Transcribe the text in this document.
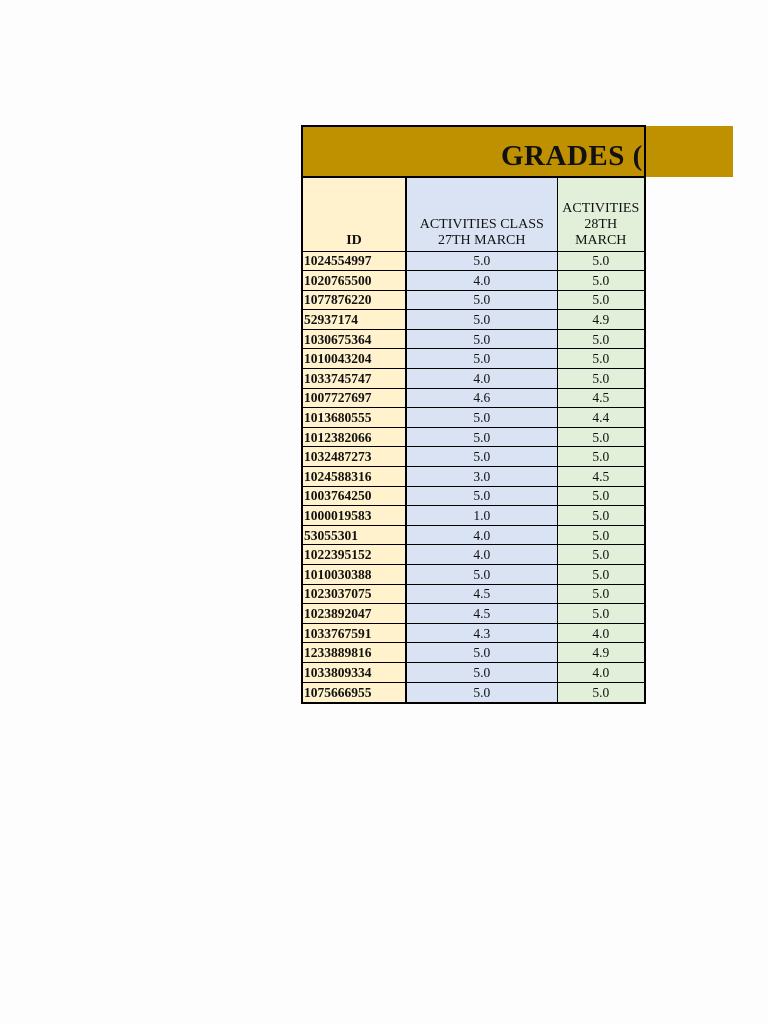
GRADES (
ID	ACTIVITIES CLASS 27TH MARCH	ACTIVITIES 28TH MARCH
1024554997	5.0	5.0
1020765500	4.0	5.0
1077876220	5.0	5.0
52937174	5.0	4.9
1030675364	5.0	5.0
1010043204	5.0	5.0
1033745747	4.0	5.0
1007727697	4.6	4.5
1013680555	5.0	4.4
1012382066	5.0	5.0
1032487273	5.0	5.0
1024588316	3.0	4.5
1003764250	5.0	5.0
1000019583	1.0	5.0
53055301	4.0	5.0
1022395152	4.0	5.0
1010030388	5.0	5.0
1023037075	4.5	5.0
1023892047	4.5	5.0
1033767591	4.3	4.0
1233889816	5.0	4.9
1033809334	5.0	4.0
1075666955	5.0	5.0
